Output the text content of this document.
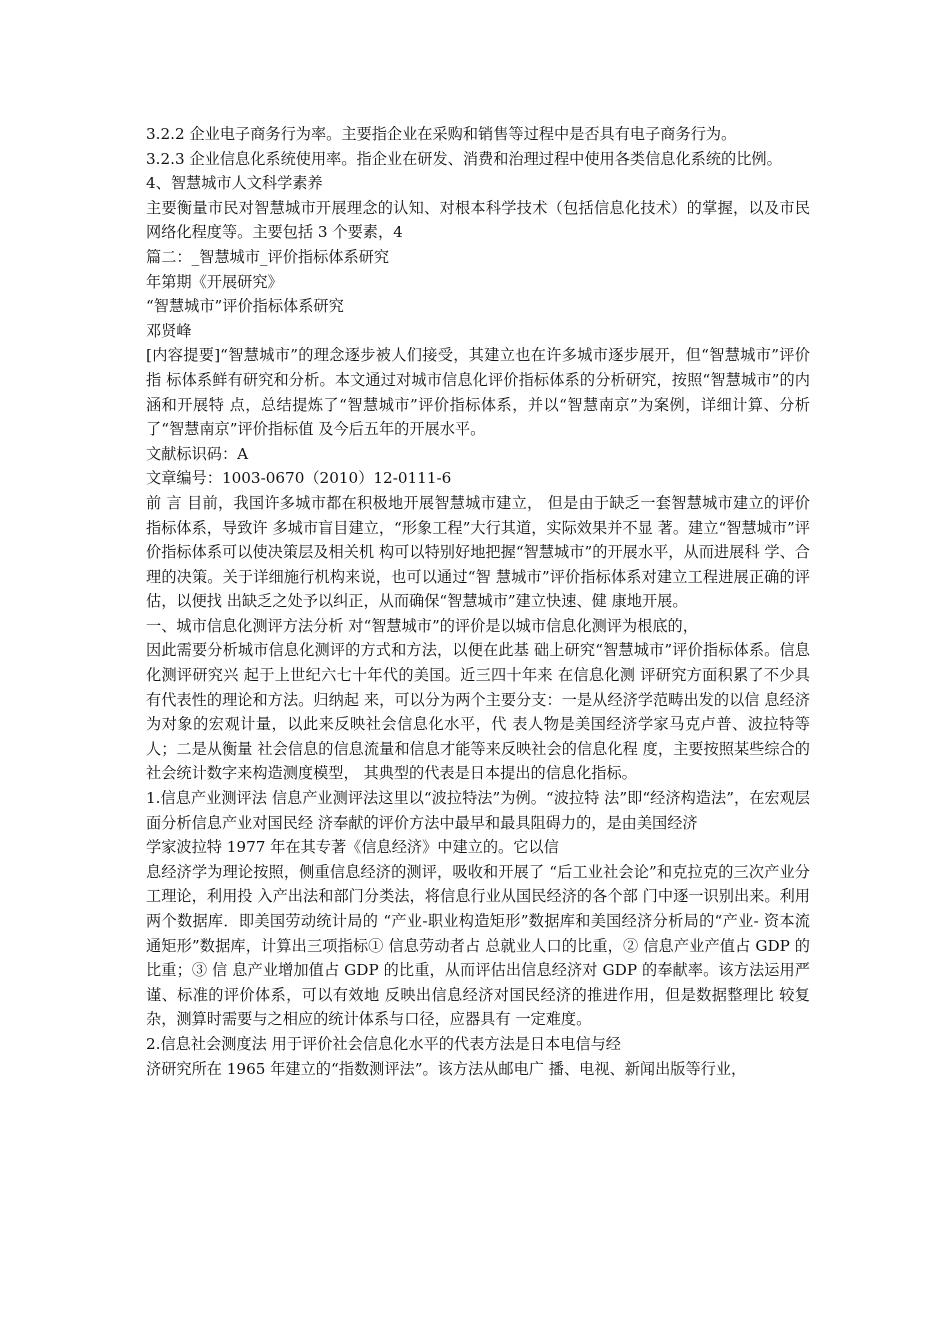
3.2.2 企业电子商务行为率。主要指企业在采购和销售等过程中是否具有电子商务行为。

3.2.3 企业信息化系统使用率。指企业在研发、消费和治理过程中使用各类信息化系统的比例。

4、智慧城市人文科学素养

主要衡量市民对智慧城市开展理念的认知、对根本科学技术（包括信息化技术）的掌握，以及市民网络化程度等。主要包括 3 个要素，4

篇二：_智慧城市_评价指标体系研究

年第期《开展研究》

“智慧城市”评价指标体系研究

邓贤峰

[内容提要]“智慧城市”的理念逐步被人们接受，其建立也在许多城市逐步展开，但“智慧城市”评价指 标体系鲜有研究和分析。本文通过对城市信息化评价指标体系的分析研究，按照“智慧城市”的内涵和开展特 点，总结提炼了“智慧城市”评价指标体系，并以“智慧南京”为案例，详细计算、分析了“智慧南京”评价指标值 及今后五年的开展水平。

文献标识码：A

文章编号：1003-0670（2010）12-0111-6

前 言 目前，我国许多城市都在积极地开展智慧城市建立， 但是由于缺乏一套智慧城市建立的评价指标体系，导致许 多城市盲目建立，“形象工程”大行其道，实际效果并不显 著。建立“智慧城市”评价指标体系可以使决策层及相关机 构可以特别好地把握“智慧城市”的开展水平，从而进展科 学、合理的决策。关于详细施行机构来说，也可以通过“智 慧城市”评价指标体系对建立工程进展正确的评估，以便找 出缺乏之处予以纠正，从而确保“智慧城市”建立快速、健 康地开展。

一、城市信息化测评方法分析 对“智慧城市”的评价是以城市信息化测评为根底的，

因此需要分析城市信息化测评的方式和方法，以便在此基 础上研究“智慧城市”评价指标体系。信息化测评研究兴 起于上世纪六七十年代的美国。近三四十年来 在信息化测 评研究方面积累了不少具有代表性的理论和方法。归纳起 来，可以分为两个主要分支：一是从经济学范畴出发的以信 息经济为对象的宏观计量，以此来反映社会信息化水平，代 表人物是美国经济学家马克卢普、波拉特等人；二是从衡量 社会信息的信息流量和信息才能等来反映社会的信息化程 度，主要按照某些综合的社会统计数字来构造测度模型， 其典型的代表是日本提出的信息化指标。

1.信息产业测评法 信息产业测评法这里以“波拉特法”为例。“波拉特 法”即“经济构造法”，在宏观层面分析信息产业对国民经 济奉献的评价方法中最早和最具阻碍力的，是由美国经济

学家波拉特 1977 年在其专著《信息经济》中建立的。它以信

息经济学为理论按照，侧重信息经济的测评，吸收和开展了 “后工业社会论”和克拉克的三次产业分工理论，利用投 入产出法和部门分类法，将信息行业从国民经济的各个部 门中逐一识别出来。利用两个数据库．即美国劳动统计局的 “产业-职业构造矩形”数据库和美国经济分析局的“产业- 资本流通矩形”数据库，计算出三项指标① 信息劳动者占 总就业人口的比重，② 信息产业产值占 GDP 的比重；③ 信 息产业增加值占 GDP 的比重，从而评估出信息经济对 GDP 的奉献率。该方法运用严谨、标准的评价体系，可以有效地 反映出信息经济对国民经济的推进作用，但是数据整理比 较复杂，测算时需要与之相应的统计体系与口径，应器具有 一定难度。

2.信息社会测度法 用于评价社会信息化水平的代表方法是日本电信与经

济研究所在 1965 年建立的“指数测评法”。该方法从邮电广 播、电视、新闻出版等行业，
